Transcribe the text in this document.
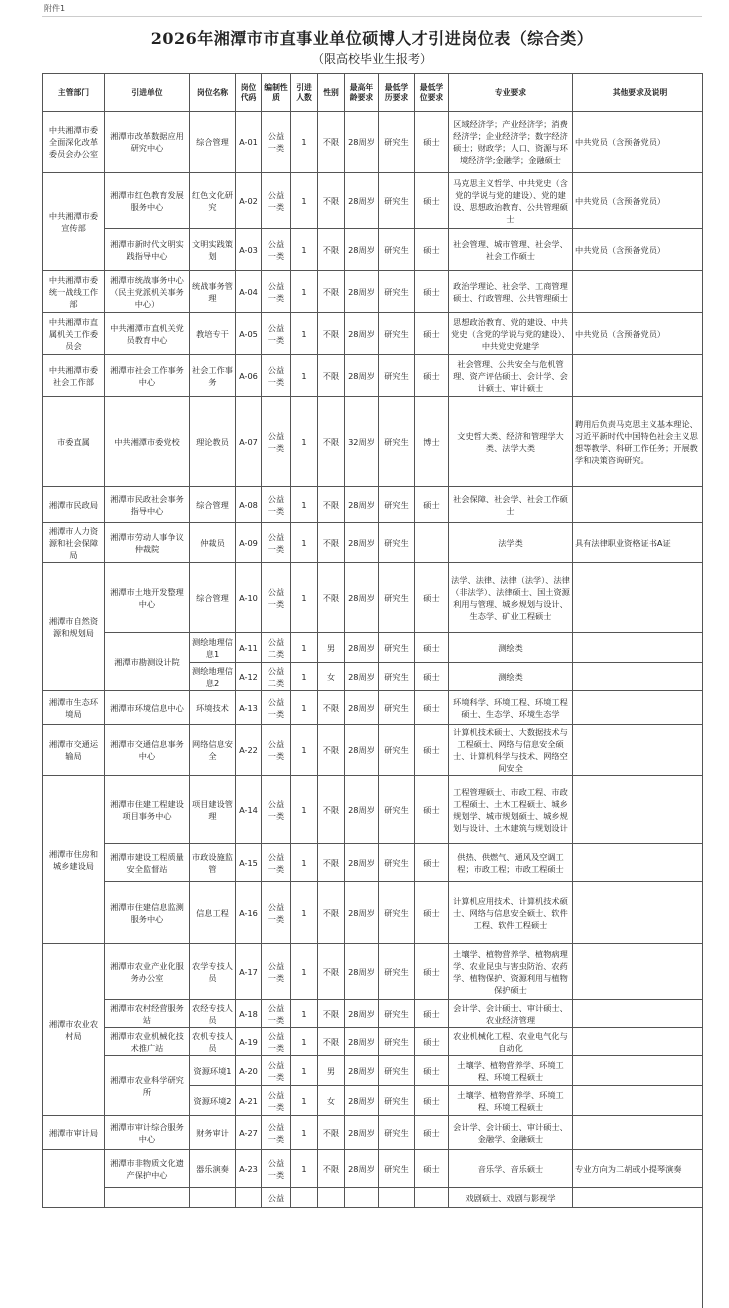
附件1
2026年湘潭市市直事业单位硕博人才引进岗位表（综合类）
（限高校毕业生报考）
主管部门	引进单位	岗位名称	岗位代码	编制性质	引进人数	性别	最高年龄要求	最低学历要求	最低学位要求	专业要求	其他要求及说明
中共湘潭市委全面深化改革委员会办公室	湘潭市改革数据应用研究中心	综合管理	A-01	公益一类	1	不限	28周岁	研究生	硕士	区域经济学；产业经济学；消费经济学；企业经济学；数字经济硕士；财政学；人口、资源与环境经济学;金融学；金融硕士	中共党员（含预备党员）
中共湘潭市委宣传部	湘潭市红色教育发展服务中心	红色文化研究	A-02	公益一类	1	不限	28周岁	研究生	硕士	马克思主义哲学、中共党史（含党的学说与党的建设）、党的建设、思想政治教育、公共管理硕士	中共党员（含预备党员）
	湘潭市新时代文明实践指导中心	文明实践策划	A-03	公益一类	1	不限	28周岁	研究生	硕士	社会管理、城市管理、社会学、社会工作硕士	中共党员（含预备党员）
中共湘潭市委统一战线工作部	湘潭市统战事务中心（民主党派机关事务中心）	统战事务管理	A-04	公益一类	1	不限	28周岁	研究生	硕士	政治学理论、社会学、工商管理硕士、行政管理、公共管理硕士	
中共湘潭市直属机关工作委员会	中共湘潭市直机关党员教育中心	教培专干	A-05	公益一类	1	不限	28周岁	研究生	硕士	思想政治教育、党的建设、中共党史（含党的学说与党的建设）、中共党史党建学	中共党员（含预备党员）
中共湘潭市委社会工作部	湘潭市社会工作事务中心	社会工作事务	A-06	公益一类	1	不限	28周岁	研究生	硕士	社会管理、公共安全与危机管理、资产评估硕士、会计学、会计硕士、审计硕士	
市委直属	中共湘潭市委党校	理论教员	A-07	公益一类	1	不限	32周岁	研究生	博士	文史哲大类、经济和管理学大类、法学大类	聘用后负责马克思主义基本理论、习近平新时代中国特色社会主义思想等教学、科研工作任务；开展教学和决策咨询研究。
湘潭市民政局	湘潭市民政社会事务指导中心	综合管理	A-08	公益一类	1	不限	28周岁	研究生	硕士	社会保障、社会学、社会工作硕士	
湘潭市人力资源和社会保障局	湘潭市劳动人事争议仲裁院	仲裁员	A-09	公益一类	1	不限	28周岁	研究生		法学类	具有法律职业资格证书A证
湘潭市自然资源和规划局	湘潭市土地开发整理中心	综合管理	A-10	公益一类	1	不限	28周岁	研究生	硕士	法学、法律、法律（法学）、法律（非法学）、法律硕士、国土资源利用与管理、城乡规划与设计、生态学、矿业工程硕士	
	湘潭市勘测设计院	测绘地理信息1	A-11	公益二类	1	男	28周岁	研究生	硕士	测绘类	
		测绘地理信息2	A-12	公益二类	1	女	28周岁	研究生	硕士	测绘类	
湘潭市生态环境局	湘潭市环境信息中心	环境技术	A-13	公益一类	1	不限	28周岁	研究生	硕士	环境科学、环境工程、环境工程硕士、生态学、环境生态学	
湘潭市交通运输局	湘潭市交通信息事务中心	网络信息安全	A-22	公益一类	1	不限	28周岁	研究生	硕士	计算机技术硕士、大数据技术与工程硕士、网络与信息安全硕士、计算机科学与技术、网络空间安全	
湘潭市住房和城乡建设局	湘潭市住建工程建设项目事务中心	项目建设管理	A-14	公益一类	1	不限	28周岁	研究生	硕士	工程管理硕士、市政工程、市政工程硕士、土木工程硕士、城乡规划学、城市规划硕士、城乡规划与设计、土木建筑与规划设计	
	湘潭市建设工程质量安全监督站	市政设施监管	A-15	公益一类	1	不限	28周岁	研究生	硕士	供热、供燃气、通风及空调工程；市政工程；市政工程硕士	
	湘潭市住建信息监测服务中心	信息工程	A-16	公益一类	1	不限	28周岁	研究生	硕士	计算机应用技术、计算机技术硕士、网络与信息安全硕士、软件工程、软件工程硕士	
湘潭市农业农村局	湘潭市农业产业化服务办公室	农学专技人员	A-17	公益一类	1	不限	28周岁	研究生	硕士	土壤学、植物营养学、植物病理学、农业昆虫与害虫防治、农药学、植物保护、资源利用与植物保护硕士	
	湘潭市农村经营服务站	农经专技人员	A-18	公益一类	1	不限	28周岁	研究生	硕士	会计学、会计硕士、审计硕士、农业经济管理	
	湘潭市农业机械化技术推广站	农机专技人员	A-19	公益一类	1	不限	28周岁	研究生	硕士	农业机械化工程、农业电气化与自动化	
	湘潭市农业科学研究所	资源环境1	A-20	公益一类	1	男	28周岁	研究生	硕士	土壤学、植物营养学、环境工程、环境工程硕士	
		资源环境2	A-21	公益一类	1	女	28周岁	研究生	硕士	土壤学、植物营养学、环境工程、环境工程硕士	
湘潭市审计局	湘潭市审计综合服务中心	财务审计	A-27	公益一类	1	不限	28周岁	研究生	硕士	会计学、会计硕士、审计硕士、金融学、金融硕士	
	湘潭市非物质文化遗产保护中心	器乐演奏	A-23	公益一类	1	不限	28周岁	研究生	硕士	音乐学、音乐硕士	专业方向为二胡或小提琴演奏
				公益						戏剧硕士、戏剧与影视学	
